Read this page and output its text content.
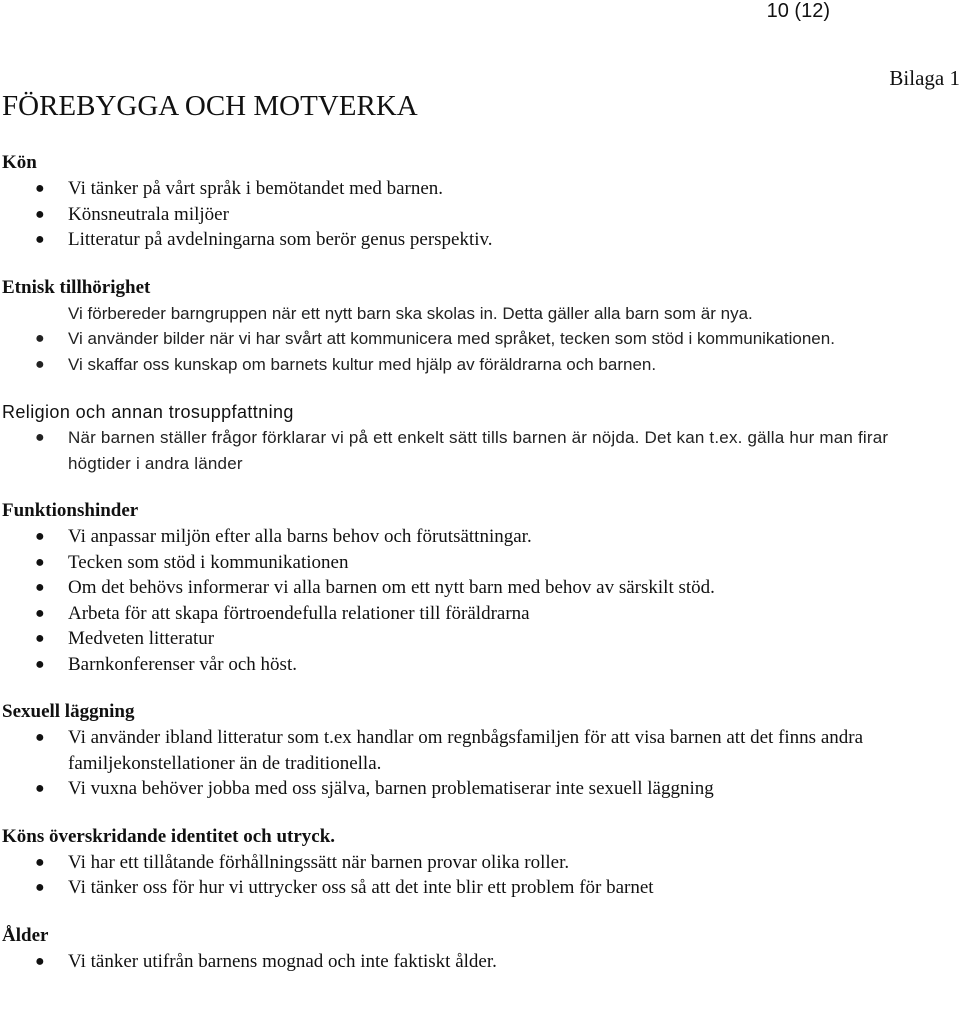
10 (12)
Bilaga 1
FÖREBYGGA OCH MOTVERKA

Kön

● Vi tänker på vårt språk i bemötandet med barnen.
● Könsneutrala miljöer
● Litteratur på avdelningarna som berör genus perspektiv.

Etnisk tillhörighet

Vi förbereder barngruppen när ett nytt barn ska skolas in. Detta gäller alla barn som är nya.
● Vi använder bilder när vi har svårt att kommunicera med språket, tecken som stöd i kommunikationen.
● Vi skaffar oss kunskap om barnets kultur med hjälp av föräldrarna och barnen.

Religion och annan trosuppfattning

● När barnen ställer frågor förklarar vi på ett enkelt sätt tills barnen är nöjda. Det kan t.ex. gälla hur man firar högtider i andra länder

Funktionshinder

● Vi anpassar miljön efter alla barns behov och förutsättningar.
● Tecken som stöd i kommunikationen
● Om det behövs informerar vi alla barnen om ett nytt barn med behov av särskilt stöd.
● Arbeta för att skapa förtroendefulla relationer till föräldrarna
● Medveten litteratur
● Barnkonferenser vår och höst.

Sexuell läggning

● Vi använder ibland litteratur som t.ex handlar om regnbågsfamiljen för att visa barnen att det finns andra familjekonstellationer än de traditionella.
● Vi vuxna behöver jobba med oss själva, barnen problematiserar inte sexuell läggning

Köns överskridande identitet och utryck.

● Vi har ett tillåtande förhållningssätt när barnen provar olika roller.
● Vi tänker oss för hur vi uttrycker oss så att det inte blir ett problem för barnet

Ålder

● Vi tänker utifrån barnens mognad och inte faktiskt ålder.
